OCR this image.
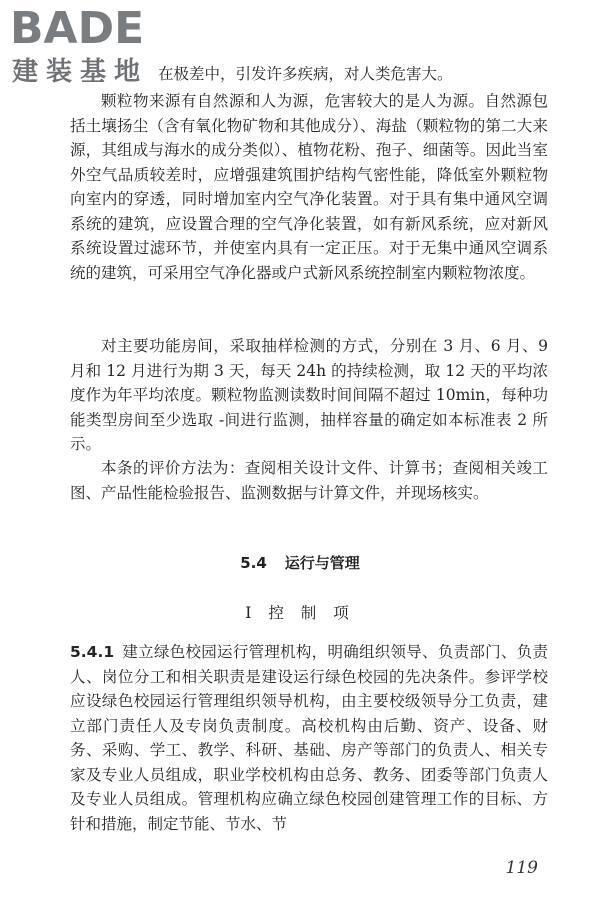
BADE
建装基地 在极差中，引发许多疾病，对人类危害大。
颗粒物来源有自然源和人为源，危害较大的是人为源。自然源包括土壤扬尘（含有氧化物矿物和其他成分）、海盐（颗粒物的第二大来源，其组成与海水的成分类似）、植物花粉、孢子、细菌等。因此当室外空气品质较差时，应增强建筑围护结构气密性能，降低室外颗粒物向室内的穿透，同时增加室内空气净化装置。对于具有集中通风空调系统的建筑，应设置合理的空气净化装置，如有新风系统，应对新风系统设置过滤环节，并使室内具有一定正压。对于无集中通风空调系统的建筑，可采用空气净化器或户式新风系统控制室内颗粒物浓度。
对主要功能房间，采取抽样检测的方式，分别在 3 月、6 月、9 月和 12 月进行为期 3 天，每天 24h 的持续检测，取 12 天的平均浓度作为年平均浓度。颗粒物监测读数时间间隔不超过 10min，每种功能类型房间至少选取 -间进行监测，抽样容量的确定如本标准表 2 所示。
本条的评价方法为：查阅相关设计文件、计算书；查阅相关竣工图、产品性能检验报告、监测数据与计算文件，并现场核实。
5.4 运行与管理
Ⅰ 控 制 项
5.4.1 建立绿色校园运行管理机构，明确组织领导、负责部门、负责人、岗位分工和相关职责是建设运行绿色校园的先决条件。参评学校应设绿色校园运行管理组织领导机构，由主要校级领导分工负责，建立部门责任人及专岗负责制度。高校机构由后勤、资产、设备、财务、采购、学工、教学、科研、基础、房产等部门的负责人、相关专家及专业人员组成，职业学校机构由总务、教务、团委等部门负责人及专业人员组成。管理机构应确立绿色校园创建管理工作的目标、方针和措施，制定节能、节水、节
119
